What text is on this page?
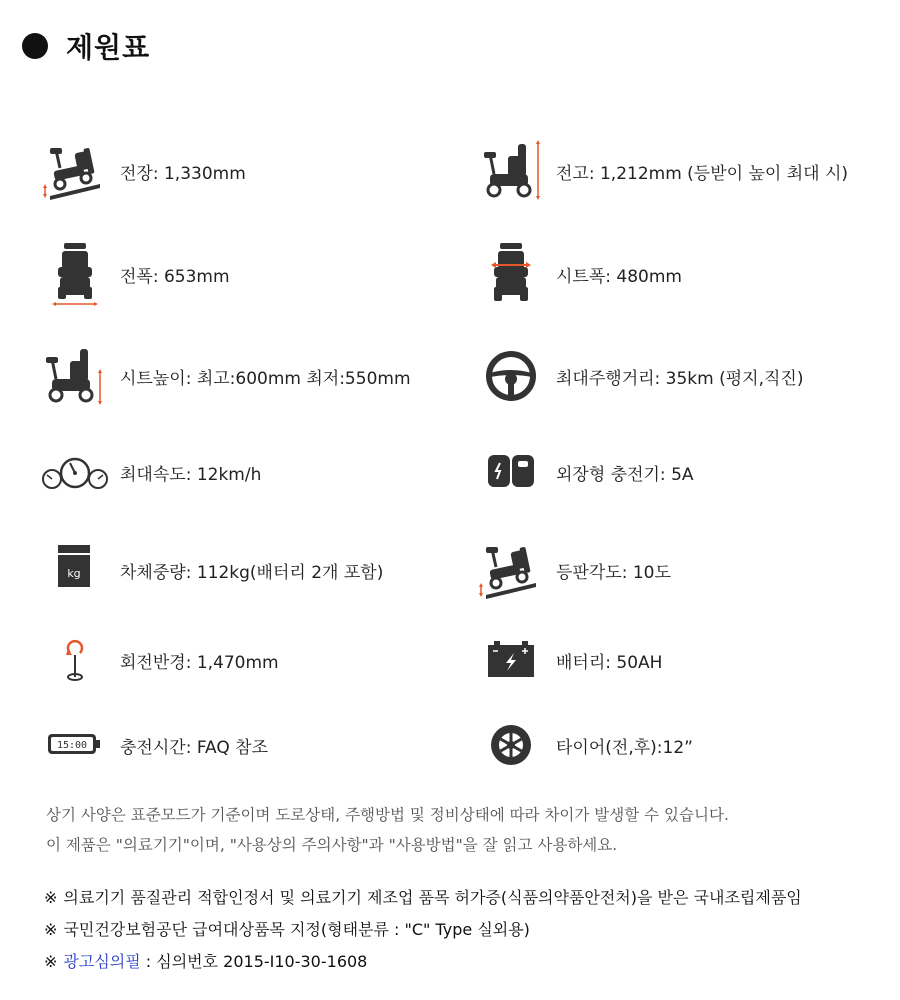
제원표
전장: 1,330mm	전고: 1,212mm (등받이 높이 최대 시)
전폭: 653mm	시트폭: 480mm
시트높이: 최고:600mm 최저:550mm	최대주행거리: 35km (평지,직진)
최대속도: 12km/h	외장형 충전기: 5A
kg 차체중량: 112kg(배터리 2개 포함)	등판각도: 10도
회전반경: 1,470mm	배터리: 50AH
15:00 충전시간: FAQ 참조	타이어(전,후):12”
상기 사양은 표준모드가 기준이며 도로상태, 주행방법 및 정비상태에 따라 차이가 발생할 수 있습니다.
이 제품은 "의료기기"이며, "사용상의 주의사항"과 "사용방법"을 잘 읽고 사용하세요.
※ 의료기기 품질관리 적합인정서 및 의료기기 제조업 품목 허가증(식품의약품안전처)을 받은 국내조립제품임
※ 국민건강보험공단 급여대상품목 지정(형태분류 : "C" Type 실외용)
※ 광고심의필 : 심의번호 2015-I10-30-1608
